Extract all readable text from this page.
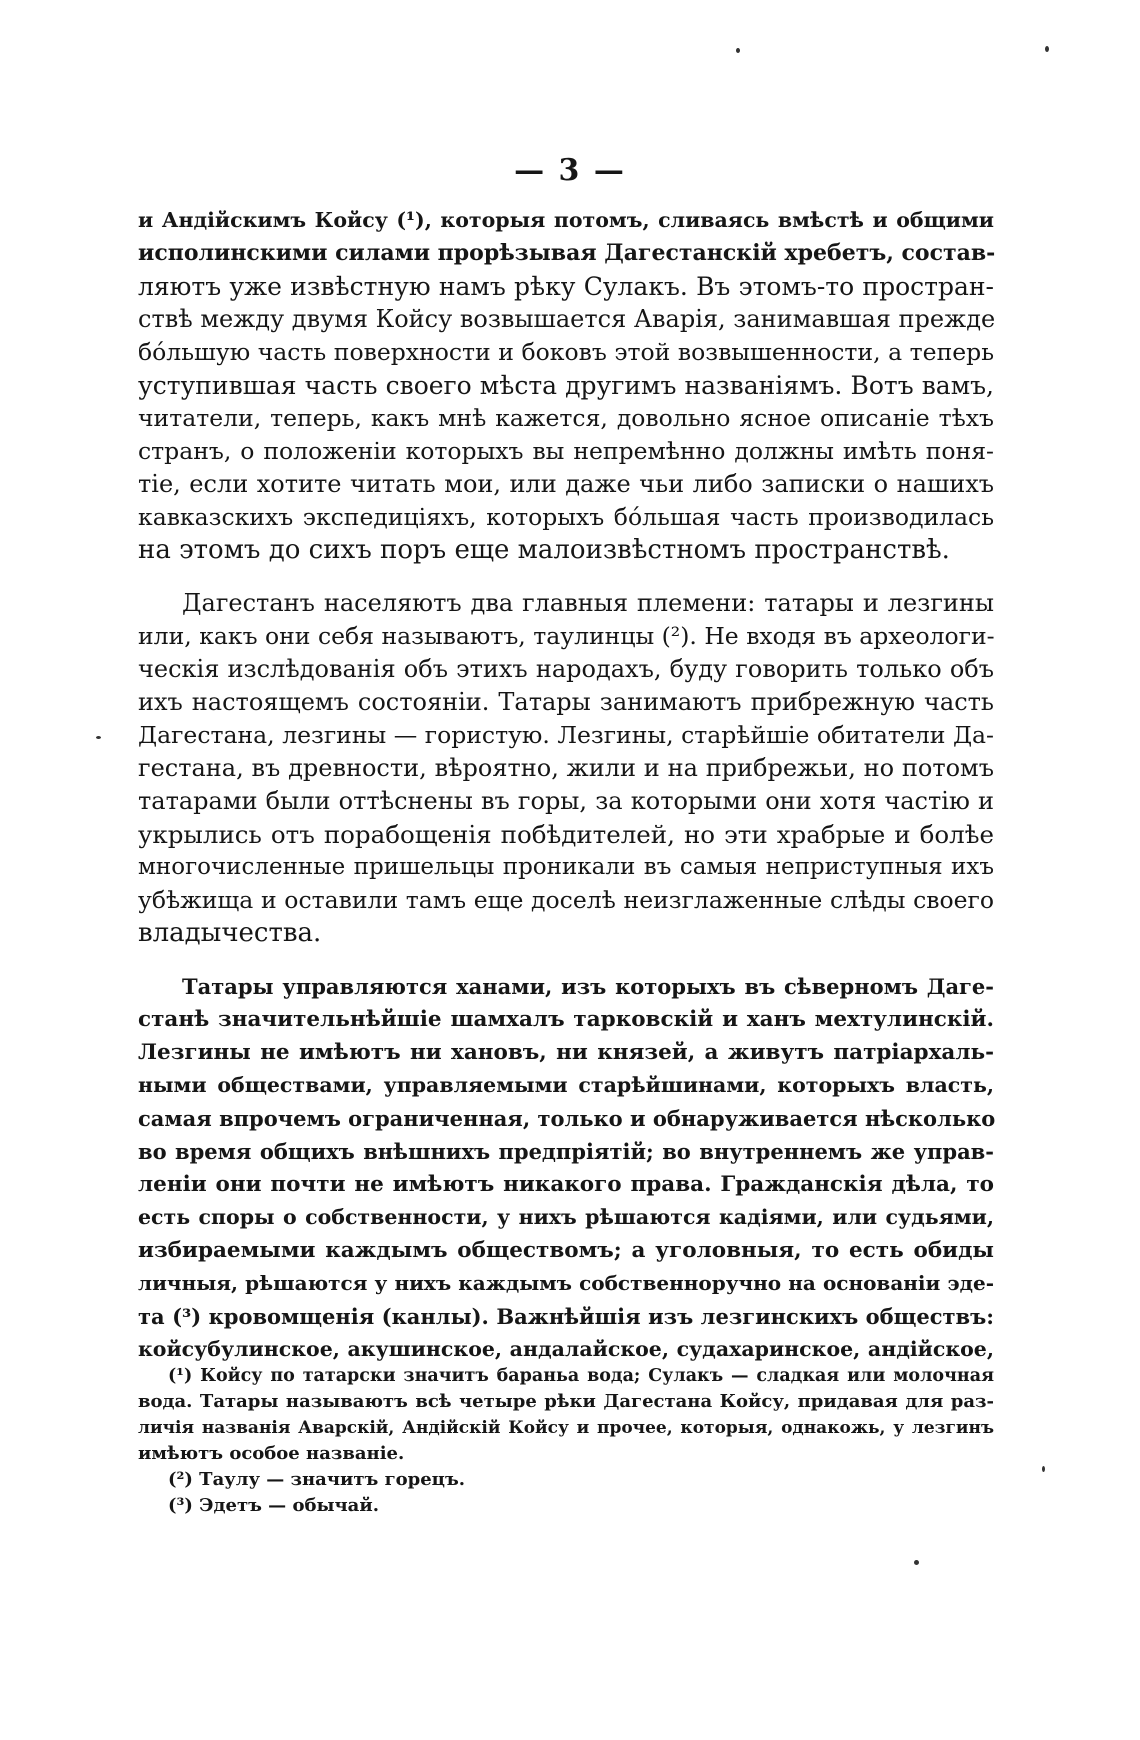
— 3 —
и Андійскимъ Койсу (¹), которыя потомъ, сливаясь вмѣстѣ и общими
исполинскими силами прорѣзывая Дагестанскій хребетъ, состав-
ляютъ уже извѣстную намъ рѣку Сулакъ. Въ этомъ-то простран-
ствѣ между двумя Койсу возвышается Аварія, занимавшая прежде
бо́льшую часть поверхности и боковъ этой возвышенности, а теперь
уступившая часть своего мѣста другимъ названіямъ. Вотъ вамъ,
читатели, теперь, какъ мнѣ кажется, довольно ясное описаніе тѣхъ
странъ, о положеніи которыхъ вы непремѣнно должны имѣть поня-
тіе, если хотите читать мои, или даже чьи либо записки о нашихъ
кавказскихъ экспедиціяхъ, которыхъ бо́льшая часть производилась
на этомъ до сихъ поръ еще малоизвѣстномъ пространствѣ.
Дагестанъ населяютъ два главныя племени: татары и лезгины
или, какъ они себя называютъ, таулинцы (²). Не входя въ археологи-
ческія изслѣдованія объ этихъ народахъ, буду говорить только объ
ихъ настоящемъ состояніи. Татары занимаютъ прибрежную часть
Дагестана, лезгины — гористую. Лезгины, старѣйшіе обитатели Да-
гестана, въ древности, вѣроятно, жили и на прибрежьи, но потомъ
татарами были оттѣснены въ горы, за которыми они хотя частію и
укрылись отъ порабощенія побѣдителей, но эти храбрые и болѣе
многочисленные пришельцы проникали въ самыя неприступныя ихъ
убѣжища и оставили тамъ еще доселѣ неизглаженные слѣды своего
владычества.
Татары управляются ханами, изъ которыхъ въ сѣверномъ Даге-
станѣ значительнѣйшіе шамхалъ тарковскій и ханъ мехтулинскій.
Лезгины не имѣютъ ни хановъ, ни князей, а живутъ патріархаль-
ными обществами, управляемыми старѣйшинами, которыхъ власть,
самая впрочемъ ограниченная, только и обнаруживается нѣсколько
во время общихъ внѣшнихъ предпріятій; во внутреннемъ же управ-
леніи они почти не имѣютъ никакого права. Гражданскія дѣла, то
есть споры о собственности, у нихъ рѣшаются кадіями, или судьями,
избираемыми каждымъ обществомъ; а уголовныя, то есть обиды
личныя, рѣшаются у нихъ каждымъ собственноручно на основаніи эде-
та (³) кровомщенія (канлы). Важнѣйшія изъ лезгинскихъ обществъ:
койсубулинское, акушинское, андалайское, судахаринское, андійское,
(¹) Койсу по татарски значитъ бараньа вода; Сулакъ — сладкая или молочная
вода. Татары называютъ всѣ четыре рѣки Дагестана Койсу, придавая для раз-
личія названія Аварскій, Андійскій Койсу и прочее, которыя, однакожь, у лезгинъ
имѣютъ особое названіе.
(²) Таулу — значитъ горецъ.
(³) Эдетъ — обычай.
